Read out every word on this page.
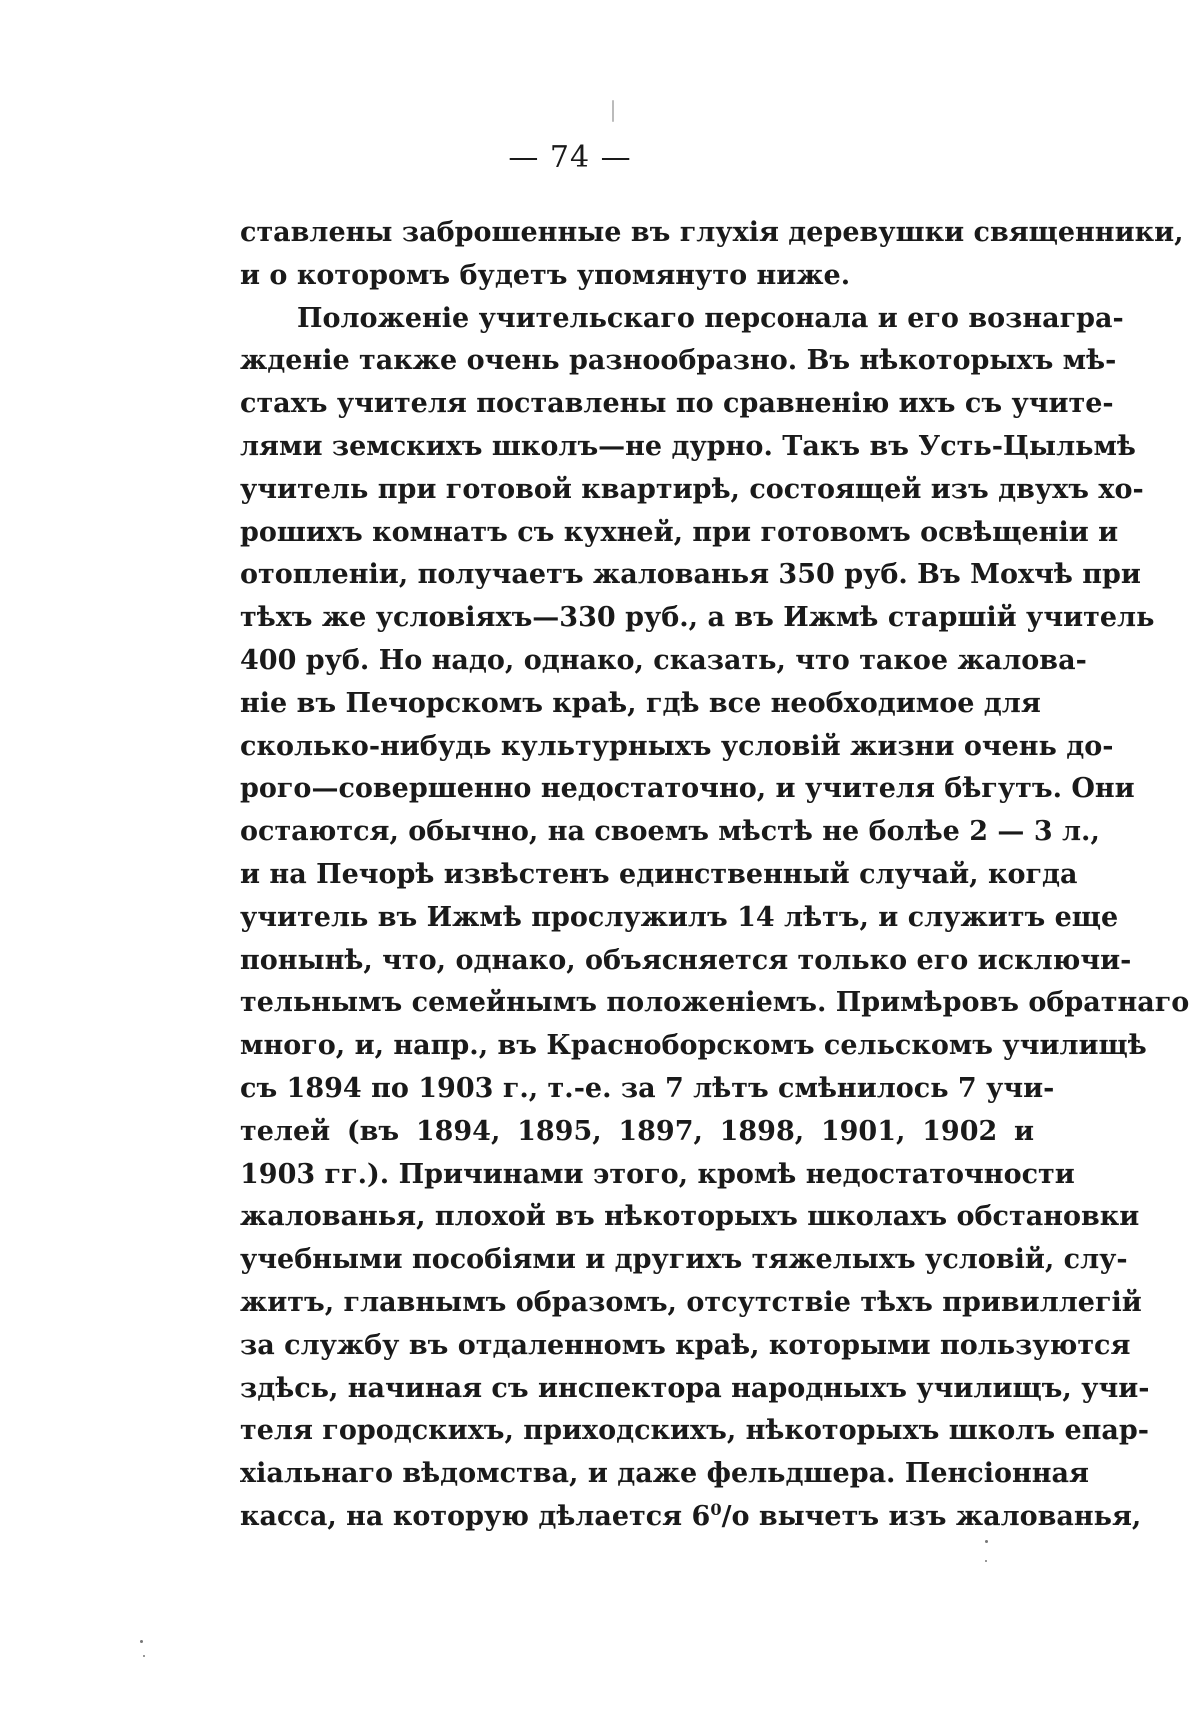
— 74 —
ставлены заброшенные въ глухія деревушки священники,
и о которомъ будетъ упомянуто ниже.
Положеніе учительскаго персонала и его вознагра-
жденіе также очень разнообразно. Въ нѣкоторыхъ мѣ-
стахъ учителя поставлены по сравненію ихъ съ учите-
лями земскихъ школъ—не дурно. Такъ въ Усть-Цыльмѣ
учитель при готовой квартирѣ, состоящей изъ двухъ хо-
рошихъ комнатъ съ кухней, при готовомъ освѣщеніи и
отопленіи, получаетъ жалованья 350 руб. Въ Мохчѣ при
тѣхъ же условіяхъ—330 руб., а въ Ижмѣ старшій учитель
400 руб. Но надо, однако, сказать, что такое жалова-
ніе въ Печорскомъ краѣ, гдѣ все необходимое для
сколько-нибудь культурныхъ условій жизни очень до-
рого—совершенно недостаточно, и учителя бѣгутъ. Они
остаются, обычно, на своемъ мѣстѣ не болѣе 2 — 3 л.,
и на Печорѣ извѣстенъ единственный случай, когда
учитель въ Ижмѣ прослужилъ 14 лѣтъ, и служитъ еще
понынѣ, что, однако, объясняется только его исключи-
тельнымъ семейнымъ положеніемъ. Примѣровъ обратнаго
много, и, напр., въ Красноборскомъ сельскомъ училищѣ
съ 1894 по 1903 г., т.-е. за 7 лѣтъ смѣнилось 7 учи-
телей (въ 1894, 1895, 1897, 1898, 1901, 1902 и
1903 гг.). Причинами этого, кромѣ недостаточности
жалованья, плохой въ нѣкоторыхъ школахъ обстановки
учебными пособіями и другихъ тяжелыхъ условій, слу-
житъ, главнымъ образомъ, отсутствіе тѣхъ привиллегій
за службу въ отдаленномъ краѣ, которыми пользуются
здѣсь, начиная съ инспектора народныхъ училищъ, учи-
теля городскихъ, приходскихъ, нѣкоторыхъ школъ епар-
хіальнаго вѣдомства, и даже фельдшера. Пенсіонная
касса, на которую дѣлается $6^0/o$ вычетъ изъ жалованья,
